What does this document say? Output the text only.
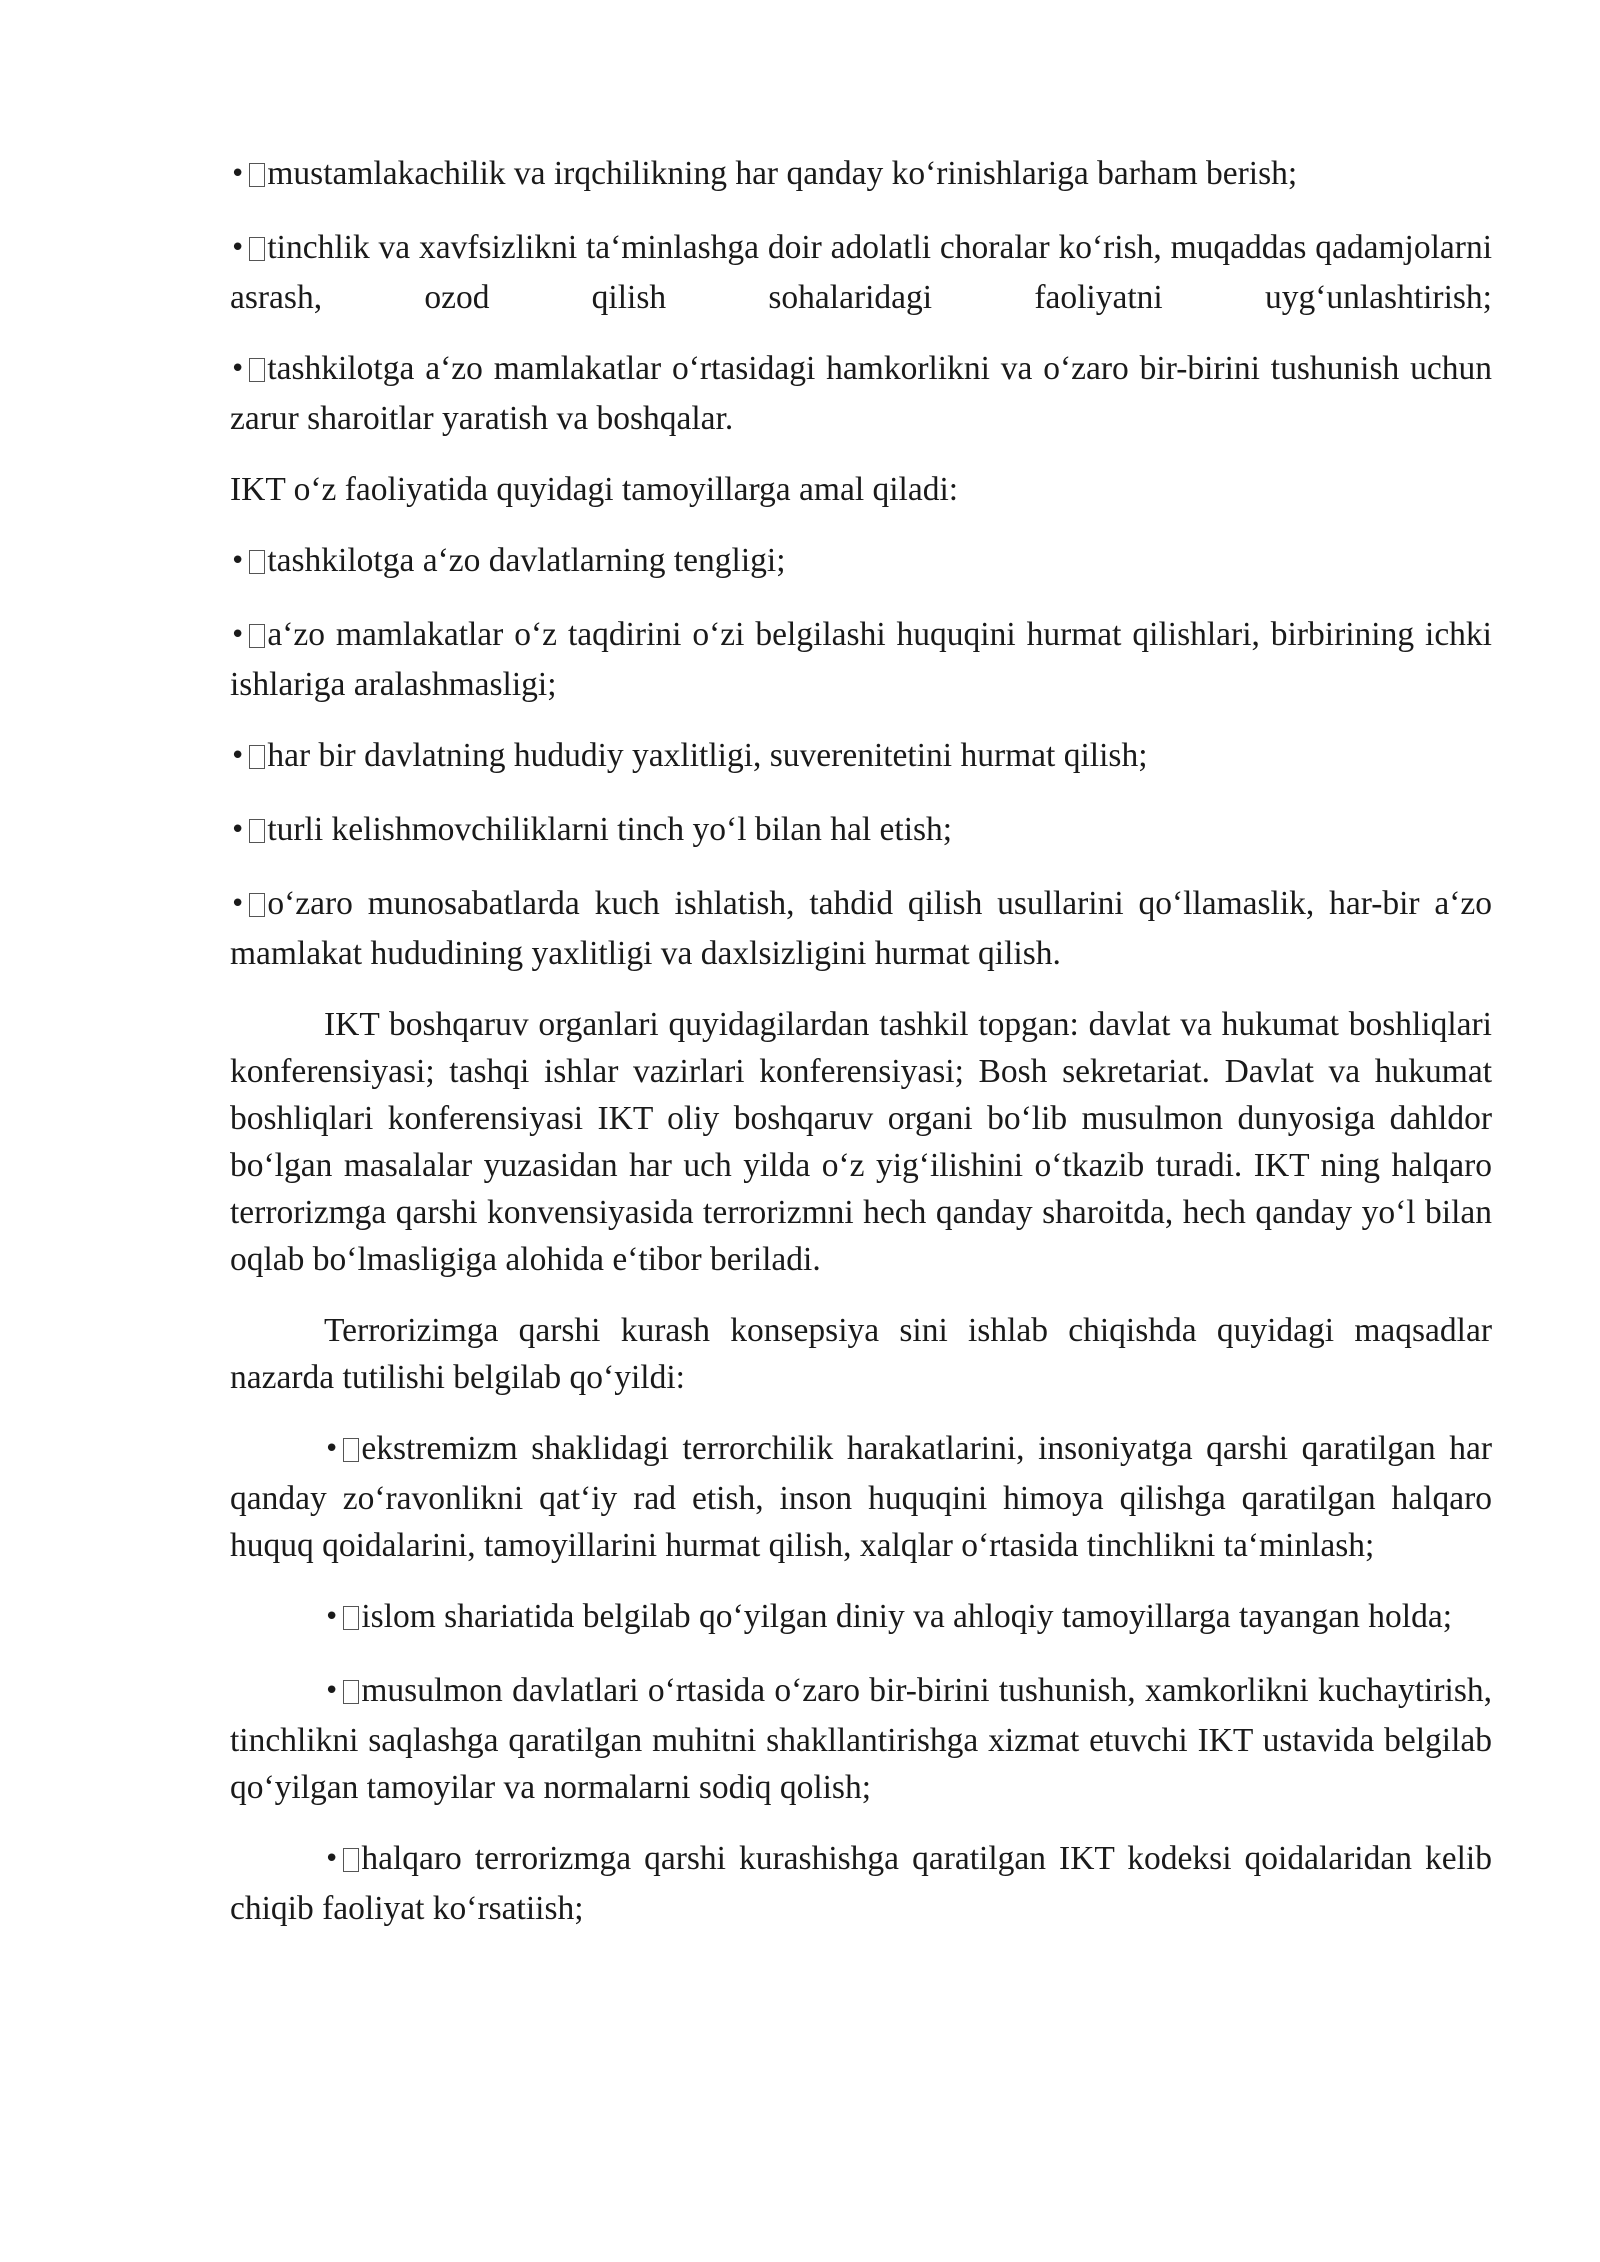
• mustamlakachilik va irqchilikning har qanday ko‘rinishlariga barham berish;

• tinchlik va xavfsizlikni ta‘minlashga doir adolatli choralar ko‘rish, muqaddas qadamjolarni asrash, ozod qilish sohalaridagi faoliyatni uyg‘unlashtirish;

• tashkilotga a‘zo mamlakatlar o‘rtasidagi hamkorlikni va o‘zaro bir-birini tushunish uchun zarur sharoitlar yaratish va boshqalar.

IKT o‘z faoliyatida quyidagi tamoyillarga amal qiladi:

• tashkilotga a‘zo davlatlarning tengligi;

• a‘zo mamlakatlar o‘z taqdirini o‘zi belgilashi huquqini hurmat qilishlari, birbirining ichki ishlariga aralashmasligi;

• har bir davlatning hududiy yaxlitligi, suverenitetini hurmat qilish;

• turli kelishmovchiliklarni tinch yo‘l bilan hal etish;

• o‘zaro munosabatlarda kuch ishlatish, tahdid qilish usullarini qo‘llamaslik, har-bir a‘zo mamlakat hududining yaxlitligi va daxlsizligini hurmat qilish.

IKT boshqaruv organlari quyidagilardan tashkil topgan: davlat va hukumat boshliqlari konferensiyasi; tashqi ishlar vazirlari konferensiyasi; Bosh sekretariat. Davlat va hukumat boshliqlari konferensiyasi IKT oliy boshqaruv organi bo‘lib musulmon dunyosiga dahldor bo‘lgan masalalar yuzasidan har uch yilda o‘z yig‘ilishini o‘tkazib turadi. IKT ning halqaro terrorizmga qarshi konvensiyasida terrorizmni hech qanday sharoitda, hech qanday yo‘l bilan oqlab bo‘lmasligiga alohida e‘tibor beriladi.

Terrorizimga qarshi kurash konsepsiya sini ishlab chiqishda quyidagi maqsadlar nazarda tutilishi belgilab qo‘yildi:

• ekstremizm shaklidagi terrorchilik harakatlarini, insoniyatga qarshi qaratilgan har qanday zo‘ravonlikni qat‘iy rad etish, inson huquqini himoya qilishga qaratilgan halqaro huquq qoidalarini, tamoyillarini hurmat qilish, xalqlar o‘rtasida tinchlikni ta‘minlash;

• islom shariatida belgilab qo‘yilgan diniy va ahloqiy tamoyillarga tayangan holda;

• musulmon davlatlari o‘rtasida o‘zaro bir-birini tushunish, xamkorlikni kuchaytirish, tinchlikni saqlashga qaratilgan muhitni shakllantirishga xizmat etuvchi IKT ustavida belgilab qo‘yilgan tamoyilar va normalarni sodiq qolish;

• halqaro terrorizmga qarshi kurashishga qaratilgan IKT kodeksi qoidalaridan kelib chiqib faoliyat ko‘rsatiish;
